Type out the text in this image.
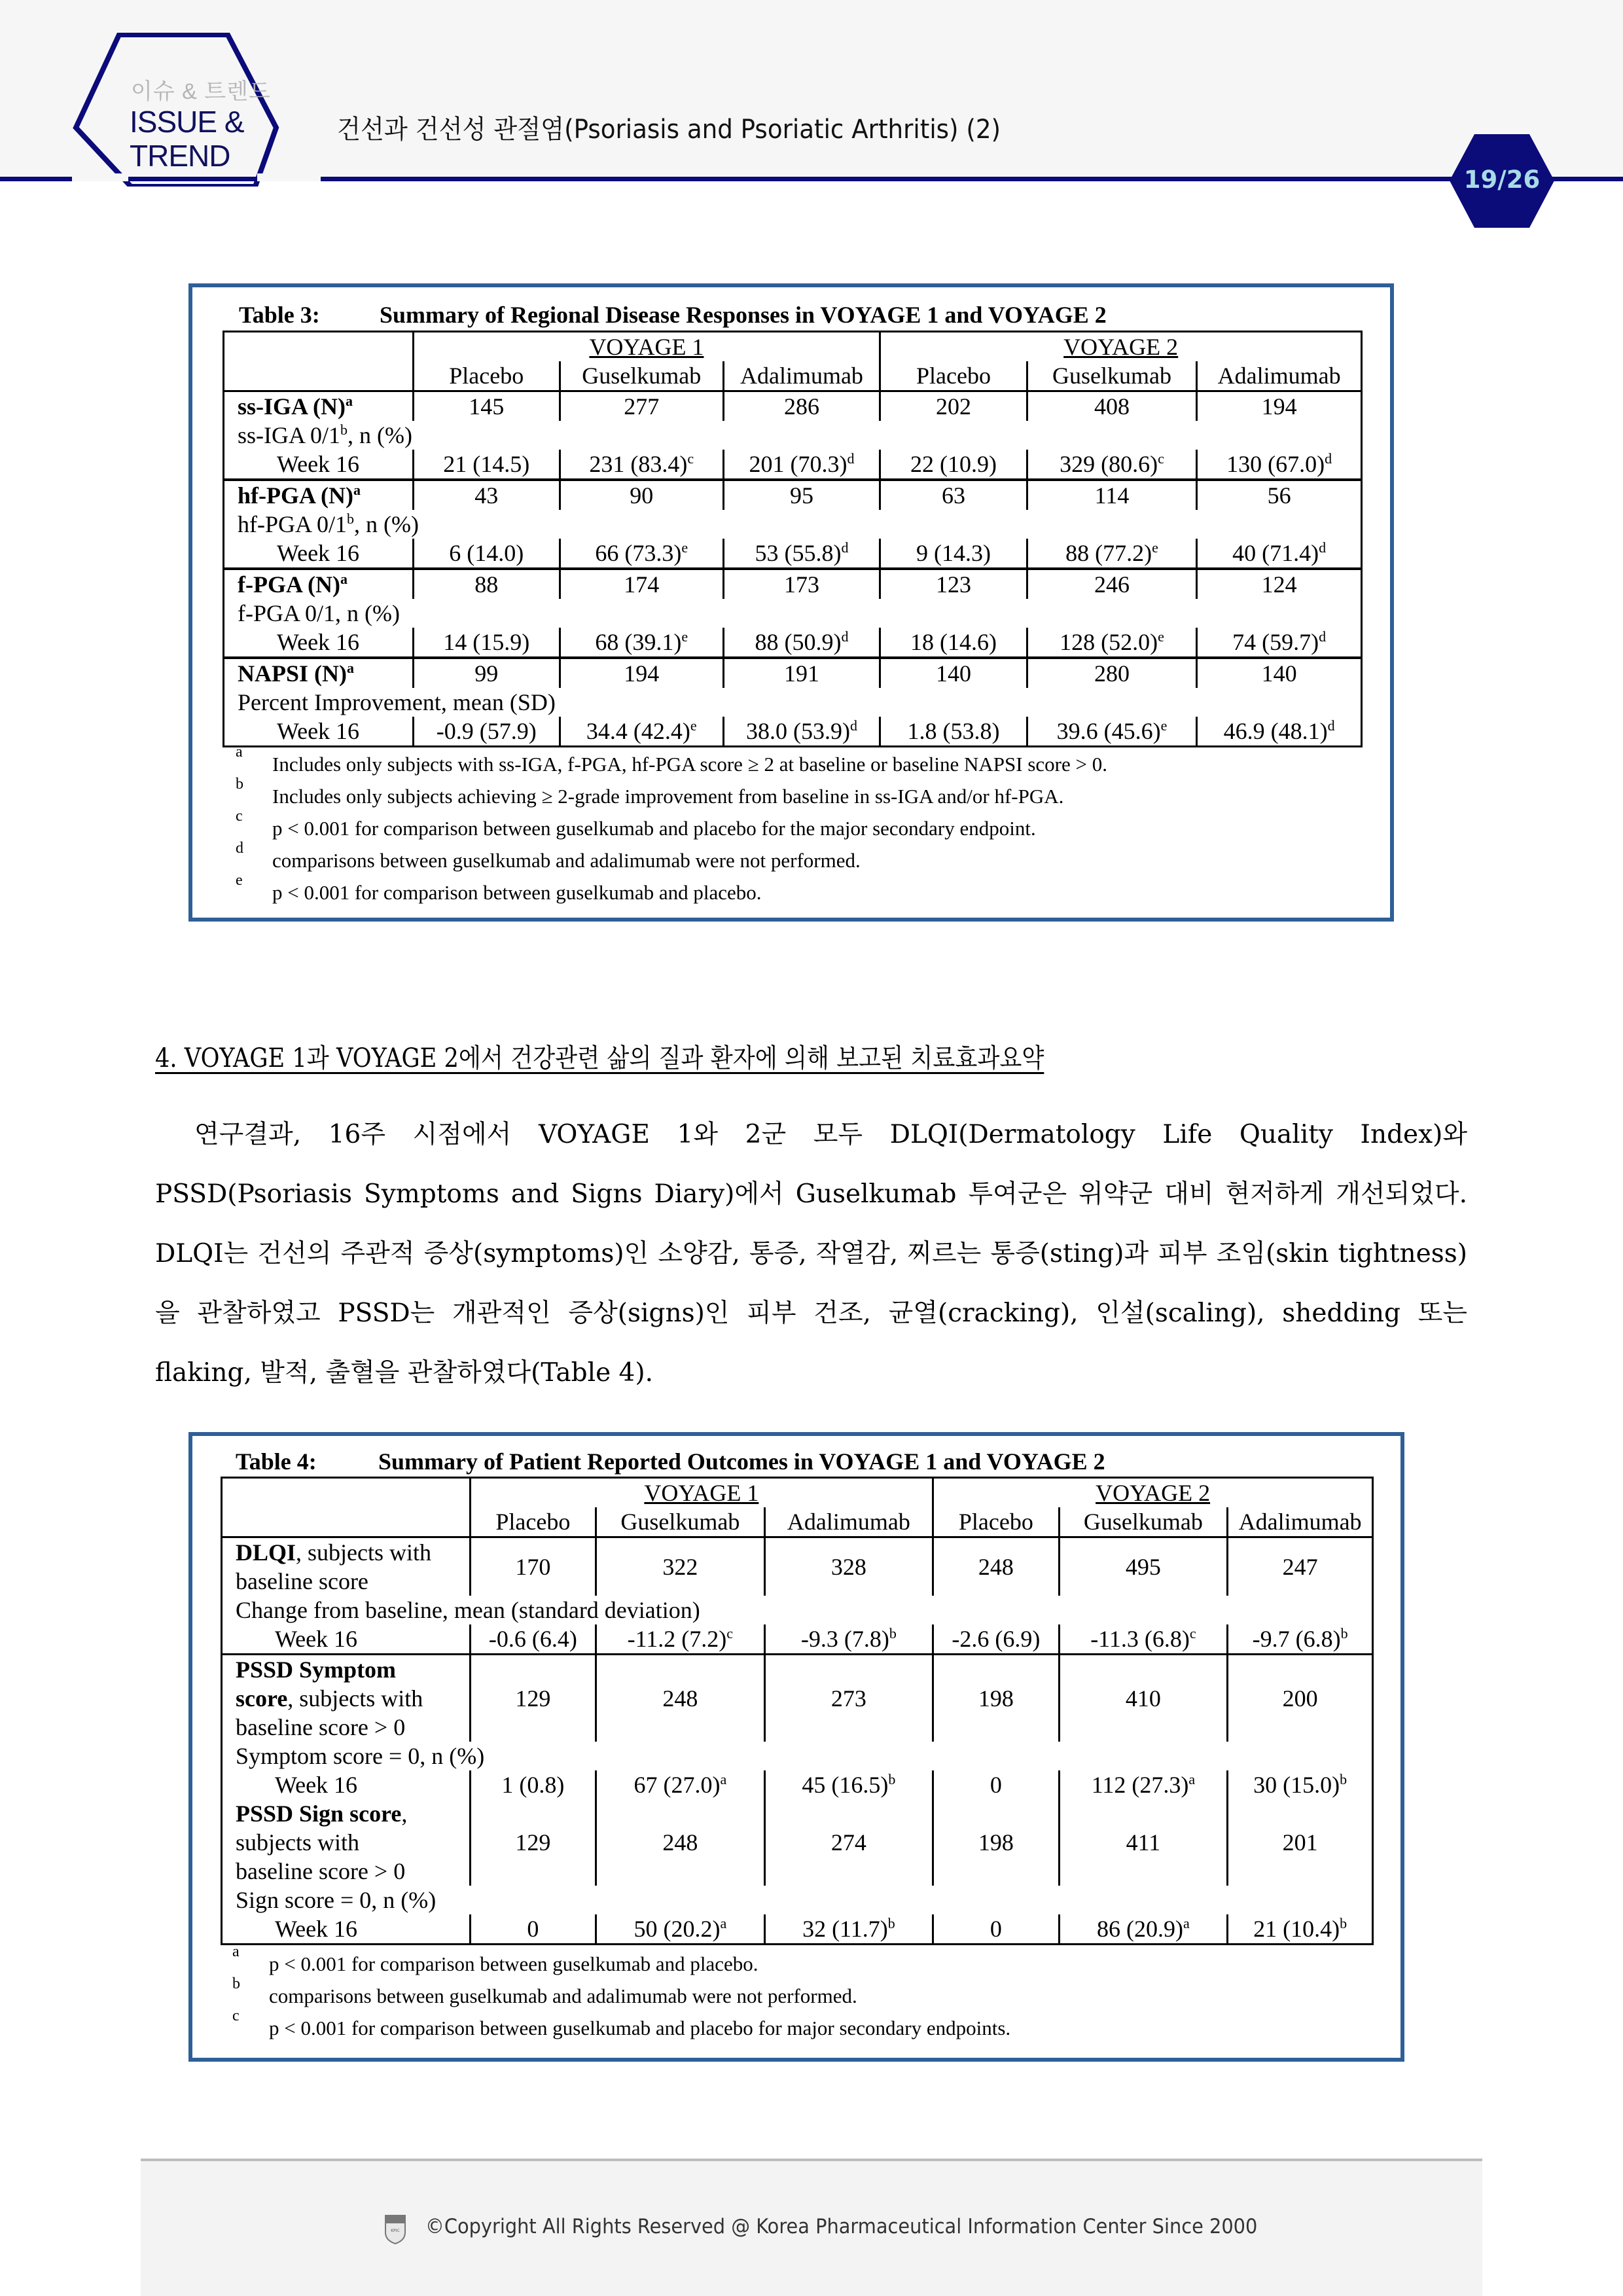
이슈 & 트렌드
ISSUE &
TREND
건선과 건선성 관절염(Psoriasis and Psoriatic Arthritis) (2)
19/26
Table 3:	Summary of Regional Disease Responses in VOYAGE 1 and VOYAGE 2
	VOYAGE 1			VOYAGE 2		
	Placebo	Guselkumab	Adalimumab	Placebo	Guselkumab	Adalimumab
ss-IGA $(N)^a$	145	277	286	202	408	194
ss-IGA 0/1$^b$, n (%)						
Week 16	21 (14.5)	231 $(83.4)^c$	201 $(70.3)^d$	22 (10.9)	329 $(80.6)^c$	130 $(67.0)^d$
hf-PGA $(N)^a$	43	90	95	63	114	56
hf-PGA 0/1$^b$, n (%)						
Week 16	6 (14.0)	66 $(73.3)^e$	53 $(55.8)^d$	9 (14.3)	88 $(77.2)^e$	40 $(71.4)^d$
f-PGA $(N)^a$	88	174	173	123	246	124
f-PGA 0/1, n (%)						
Week 16	14 (15.9)	68 $(39.1)^e$	88 $(50.9)^d$	18 (14.6)	128 $(52.0)^e$	74 $(59.7)^d$
NAPSI $(N)^a$	99	194	191	140	280	140
Percent Improvement, mean (SD)						
Week 16	-0.9 (57.9)	34.4 $(42.4)^e$	38.0 $(53.9)^d$	1.8 (53.8)	39.6 $(45.6)^e$	46.9 $(48.1)^d$
a
Includes only subjects with ss-IGA, f-PGA, hf-PGA score ≥ 2 at baseline or baseline NAPSI score > 0.
b
Includes only subjects achieving ≥ 2-grade improvement from baseline in ss-IGA and/or hf-PGA.
c
p < 0.001 for comparison between guselkumab and placebo for the major secondary endpoint.
d
comparisons between guselkumab and adalimumab were not performed.
e
p < 0.001 for comparison between guselkumab and placebo.
4. VOYAGE 1과 VOYAGE 2에서 건강관련 삶의 질과 환자에 의해 보고된 치료효과요약
연구결과, 16주 시점에서 VOYAGE 1와 2군 모두 DLQI(Dermatology Life Quality Index)와 PSSD(Psoriasis Symptoms and Signs Diary)에서 Guselkumab 투여군은 위약군 대비 현저하게 개선되었다. DLQI는 건선의 주관적 증상(symptoms)인 소양감, 통증, 작열감, 찌르는 통증(sting)과 피부 조임(skin tightness)을 관찰하였고 PSSD는 개관적인 증상(signs)인 피부 건조, 균열(cracking), 인설(scaling), shedding 또는 flaking, 발적, 출혈을 관찰하였다(Table 4).
Table 4:	Summary of Patient Reported Outcomes in VOYAGE 1 and VOYAGE 2
	VOYAGE 1			VOYAGE 2		
	Placebo	Guselkumab	Adalimumab	Placebo	Guselkumab	Adalimumab
DLQI, subjects with
baseline score	170	322	328	248	495	247
Change from baseline, mean (standard deviation)						
Week 16	-0.6 (6.4)	-11.2 $(7.2)^c$	-9.3 $(7.8)^b$	-2.6 (6.9)	-11.3 $(6.8)^c$	-9.7 $(6.8)^b$
PSSD Symptom
score, subjects with
baseline score > 0	129	248	273	198	410	200
Symptom score = 0, n (%)						
Week 16	1 (0.8)	67 $(27.0)^a$	45 $(16.5)^b$	0	112 $(27.3)^a$	30 $(15.0)^b$
PSSD Sign score,
subjects with
baseline score > 0	129	248	274	198	411	201
Sign score = 0, n (%)						
Week 16	0	50 $(20.2)^a$	32 $(11.7)^b$	0	86 $(20.9)^a$	21 $(10.4)^b$
a
p < 0.001 for comparison between guselkumab and placebo.
b
comparisons between guselkumab and adalimumab were not performed.
c
p < 0.001 for comparison between guselkumab and placebo for major secondary endpoints.
KPIC ©Copyright All Rights Reserved @ Korea Pharmaceutical Information Center Since 2000
